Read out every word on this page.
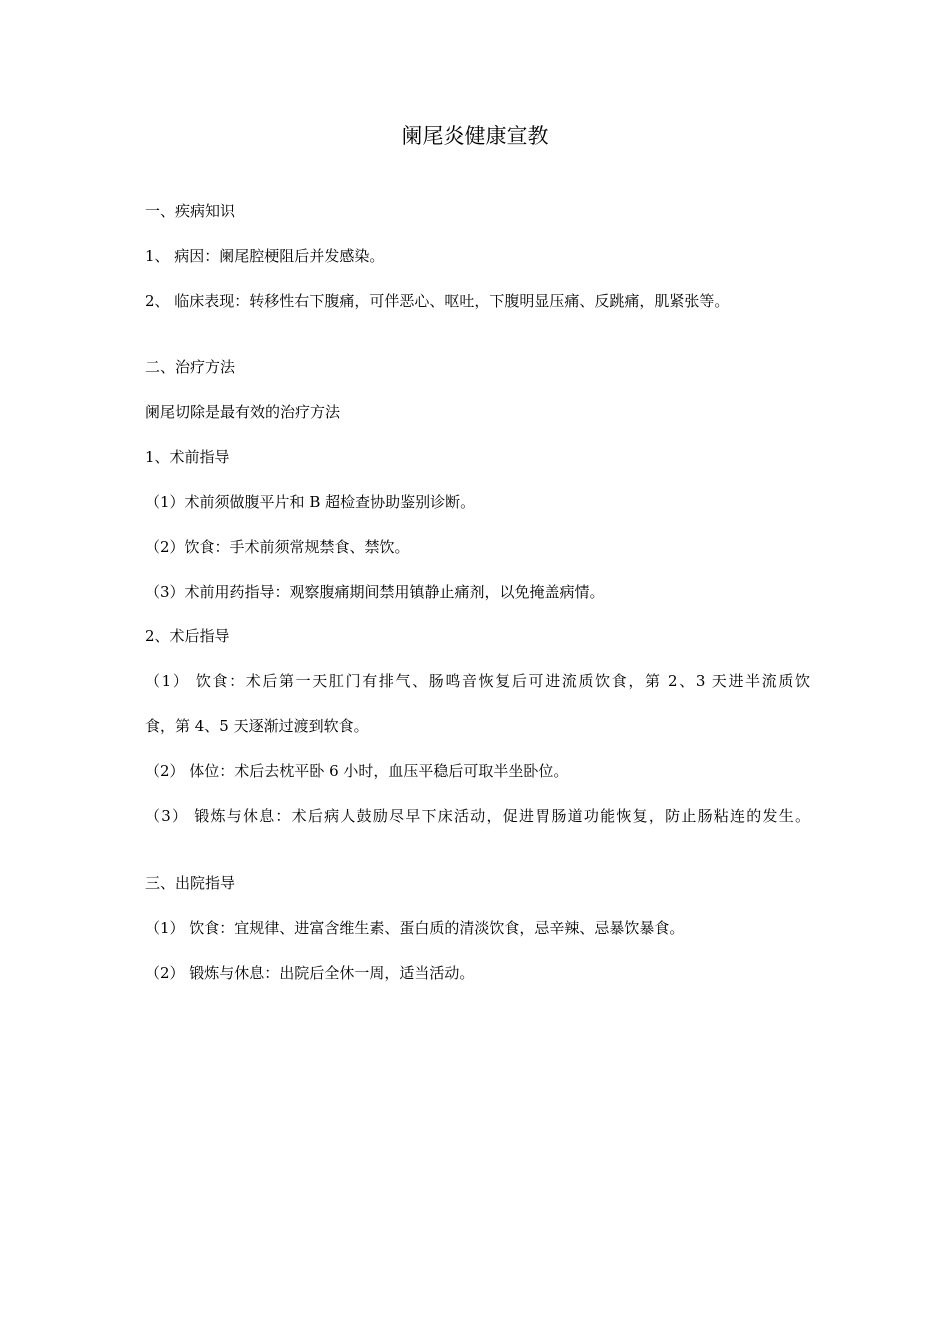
阑尾炎健康宣教
一、疾病知识
1、 病因：阑尾腔梗阻后并发感染。
2、 临床表现：转移性右下腹痛，可伴恶心、呕吐，下腹明显压痛、反跳痛，肌紧张等。
二、治疗方法
阑尾切除是最有效的治疗方法
1、术前指导
（1）术前须做腹平片和 B 超检查协助鉴别诊断。
（2）饮食：手术前须常规禁食、禁饮。
（3）术前用药指导：观察腹痛期间禁用镇静止痛剂，以免掩盖病情。
2、术后指导
（1） 饮食：术后第一天肛门有排气、肠鸣音恢复后可进流质饮食，第 2、3 天进半流质饮
食，第 4、5 天逐渐过渡到软食。
（2） 体位：术后去枕平卧 6 小时，血压平稳后可取半坐卧位。
（3） 锻炼与休息：术后病人鼓励尽早下床活动，促进胃肠道功能恢复，防止肠粘连的发生。
三、出院指导
（1） 饮食：宜规律、进富含维生素、蛋白质的清淡饮食，忌辛辣、忌暴饮暴食。
（2） 锻炼与休息：出院后全休一周，适当活动。
